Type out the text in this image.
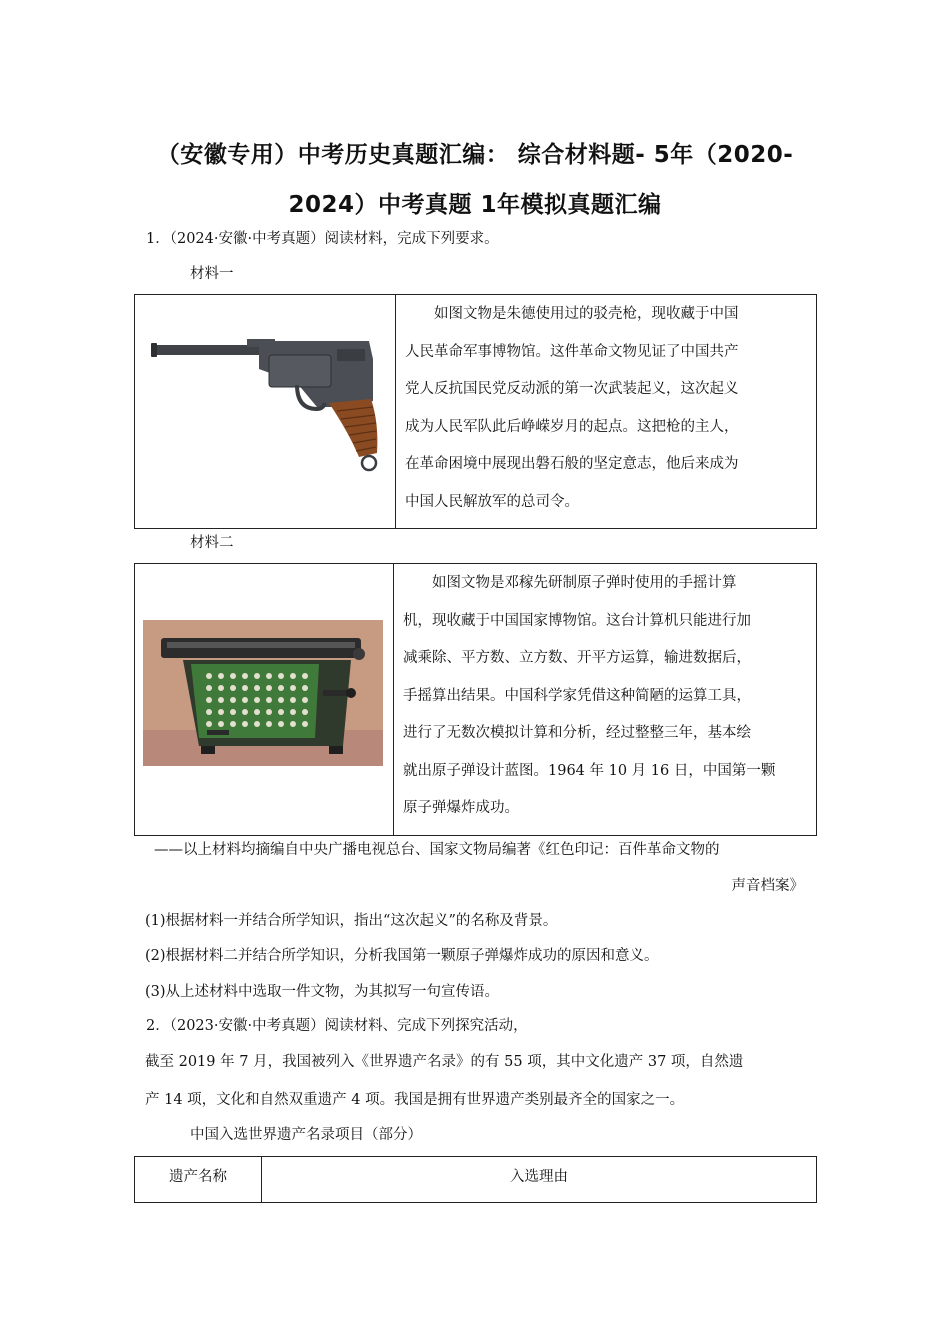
（安徽专用）中考历史真题汇编： 综合材料题- 5年（2020-
2024）中考真题 1年模拟真题汇编
1．（2024·安徽·中考真题）阅读材料，完成下列要求。
材料一
如图文物是朱德使用过的驳壳枪，现收藏于中国
人民革命军事博物馆。这件革命文物见证了中国共产
党人反抗国民党反动派的第一次武装起义，这次起义
成为人民军队此后峥嵘岁月的起点。这把枪的主人，
在革命困境中展现出磐石般的坚定意志，他后来成为
中国人民解放军的总司令。
材料二
如图文物是邓稼先研制原子弹时使用的手摇计算
机，现收藏于中国国家博物馆。这台计算机只能进行加
减乘除、平方数、立方数、开平方运算，输进数据后，
手摇算出结果。中国科学家凭借这种简陋的运算工具，
进行了无数次模拟计算和分析，经过整整三年，基本绘
就出原子弹设计蓝图。1964 年 10 月 16 日，中国第一颗
原子弹爆炸成功。
——以上材料均摘编自中央广播电视总台、国家文物局编著《红色印记：百件革命文物的
声音档案》
(1)根据材料一并结合所学知识，指出“这次起义”的名称及背景。
(2)根据材料二并结合所学知识，分析我国第一颗原子弹爆炸成功的原因和意义。
(3)从上述材料中选取一件文物，为其拟写一句宣传语。
2．（2023·安徽·中考真题）阅读材料、完成下列探究活动，
截至 2019 年 7 月，我国被列入《世界遗产名录》的有 55 项，其中文化遗产 37 项，自然遗
产 14 项，文化和自然双重遗产 4 项。我国是拥有世界遗产类别最齐全的国家之一。
中国入选世界遗产名录项目（部分）
遗产名称	入选理由
